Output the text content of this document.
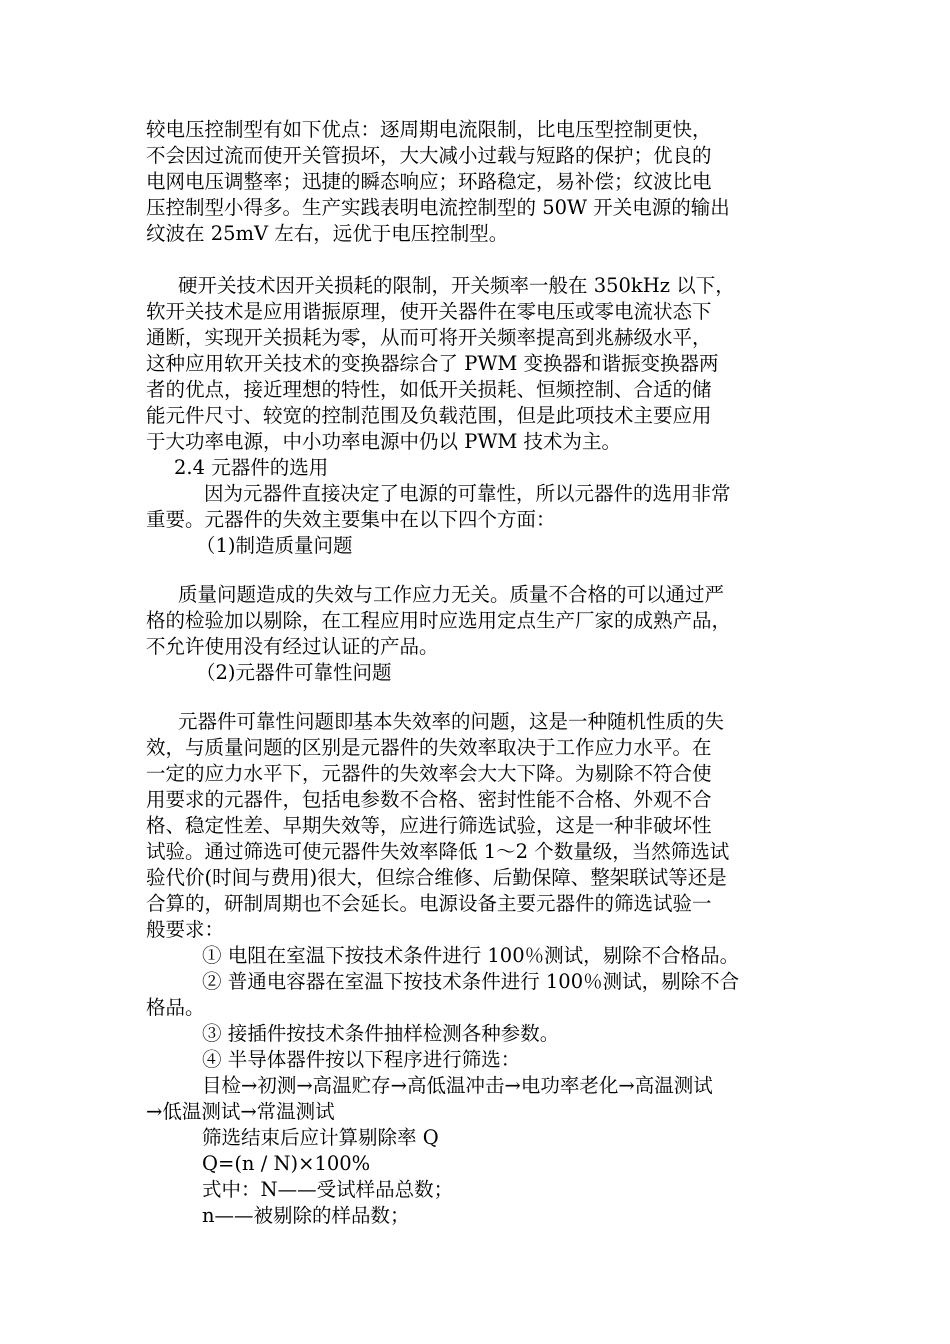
较电压控制型有如下优点：逐周期电流限制，比电压型控制更快，
不会因过流而使开关管损坏，大大减小过载与短路的保护；优良的
电网电压调整率；迅捷的瞬态响应；环路稳定，易补偿；纹波比电
压控制型小得多。生产实践表明电流控制型的 50W 开关电源的输出
纹波在 25mV 左右，远优于电压控制型。
硬开关技术因开关损耗的限制，开关频率一般在 350kHz 以下，
软开关技术是应用谐振原理，使开关器件在零电压或零电流状态下
通断，实现开关损耗为零，从而可将开关频率提高到兆赫级水平，
这种应用软开关技术的变换器综合了 PWM 变换器和谐振变换器两
者的优点，接近理想的特性，如低开关损耗、恒频控制、合适的储
能元件尺寸、较宽的控制范围及负载范围，但是此项技术主要应用
于大功率电源，中小功率电源中仍以 PWM 技术为主。
2.4 元器件的选用
因为元器件直接决定了电源的可靠性，所以元器件的选用非常
重要。元器件的失效主要集中在以下四个方面：
（1)制造质量问题
质量问题造成的失效与工作应力无关。质量不合格的可以通过严
格的检验加以剔除，在工程应用时应选用定点生产厂家的成熟产品，
不允许使用没有经过认证的产品。
（2)元器件可靠性问题
元器件可靠性问题即基本失效率的问题，这是一种随机性质的失
效，与质量问题的区别是元器件的失效率取决于工作应力水平。在
一定的应力水平下，元器件的失效率会大大下降。为剔除不符合使
用要求的元器件，包括电参数不合格、密封性能不合格、外观不合
格、稳定性差、早期失效等，应进行筛选试验，这是一种非破坏性
试验。通过筛选可使元器件失效率降低 1～2 个数量级，当然筛选试
验代价(时间与费用)很大，但综合维修、后勤保障、整架联试等还是
合算的，研制周期也不会延长。电源设备主要元器件的筛选试验一
般要求：
① 电阻在室温下按技术条件进行 100％测试，剔除不合格品。
② 普通电容器在室温下按技术条件进行 100％测试，剔除不合
格品。
③ 接插件按技术条件抽样检测各种参数。
④ 半导体器件按以下程序进行筛选：
目检→初测→高温贮存→高低温冲击→电功率老化→高温测试
→低温测试→常温测试
筛选结束后应计算剔除率 Q
Q=(n / N)×100%
式中：N——受试样品总数；
n——被剔除的样品数；
